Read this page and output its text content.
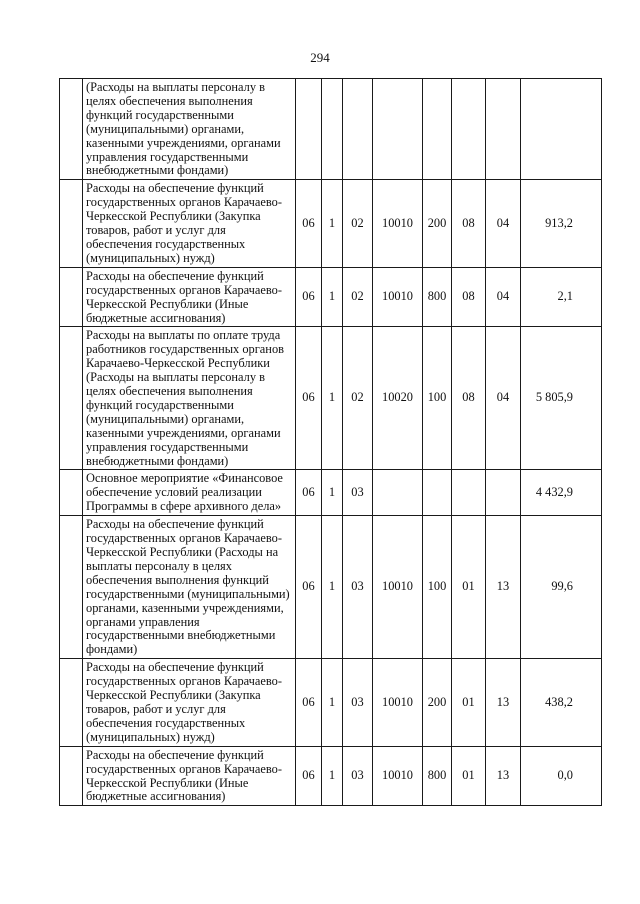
294
	(Расходы на выплаты персоналу в целях обеспечения выполнения функций государственными (муниципальными) органами, казенными учреждениями, органами управления государственными внебюджетными фондами)								
	Расходы на обеспечение функций государственных органов Карачаево-Черкесской Республики (Закупка товаров, работ и услуг для обеспечения государственных (муниципальных) нужд)	06	1	02	10010	200	08	04	913,2
	Расходы на обеспечение функций государственных органов Карачаево-Черкесской Республики (Иные бюджетные ассигнования)	06	1	02	10010	800	08	04	2,1
	Расходы на выплаты по оплате труда работников государственных органов Карачаево-Черкесской Республики (Расходы на выплаты персоналу в целях обеспечения выполнения функций государственными (муниципальными) органами, казенными учреждениями, органами управления государственными внебюджетными фондами)	06	1	02	10020	100	08	04	5 805,9
	Основное мероприятие «Финансовое обеспечение условий реализации Программы в сфере архивного дела»	06	1	03					4 432,9
	Расходы на обеспечение функций государственных органов Карачаево-Черкесской Республики (Расходы на выплаты персоналу в целях обеспечения выполнения функций государственными (муниципальными) органами, казенными учреждениями, органами управления государственными внебюджетными фондами)	06	1	03	10010	100	01	13	99,6
	Расходы на обеспечение функций государственных органов Карачаево-Черкесской Республики (Закупка товаров, работ и услуг для обеспечения государственных (муниципальных) нужд)	06	1	03	10010	200	01	13	438,2
	Расходы на обеспечение функций государственных органов Карачаево-Черкесской Республики (Иные бюджетные ассигнования)	06	1	03	10010	800	01	13	0,0
